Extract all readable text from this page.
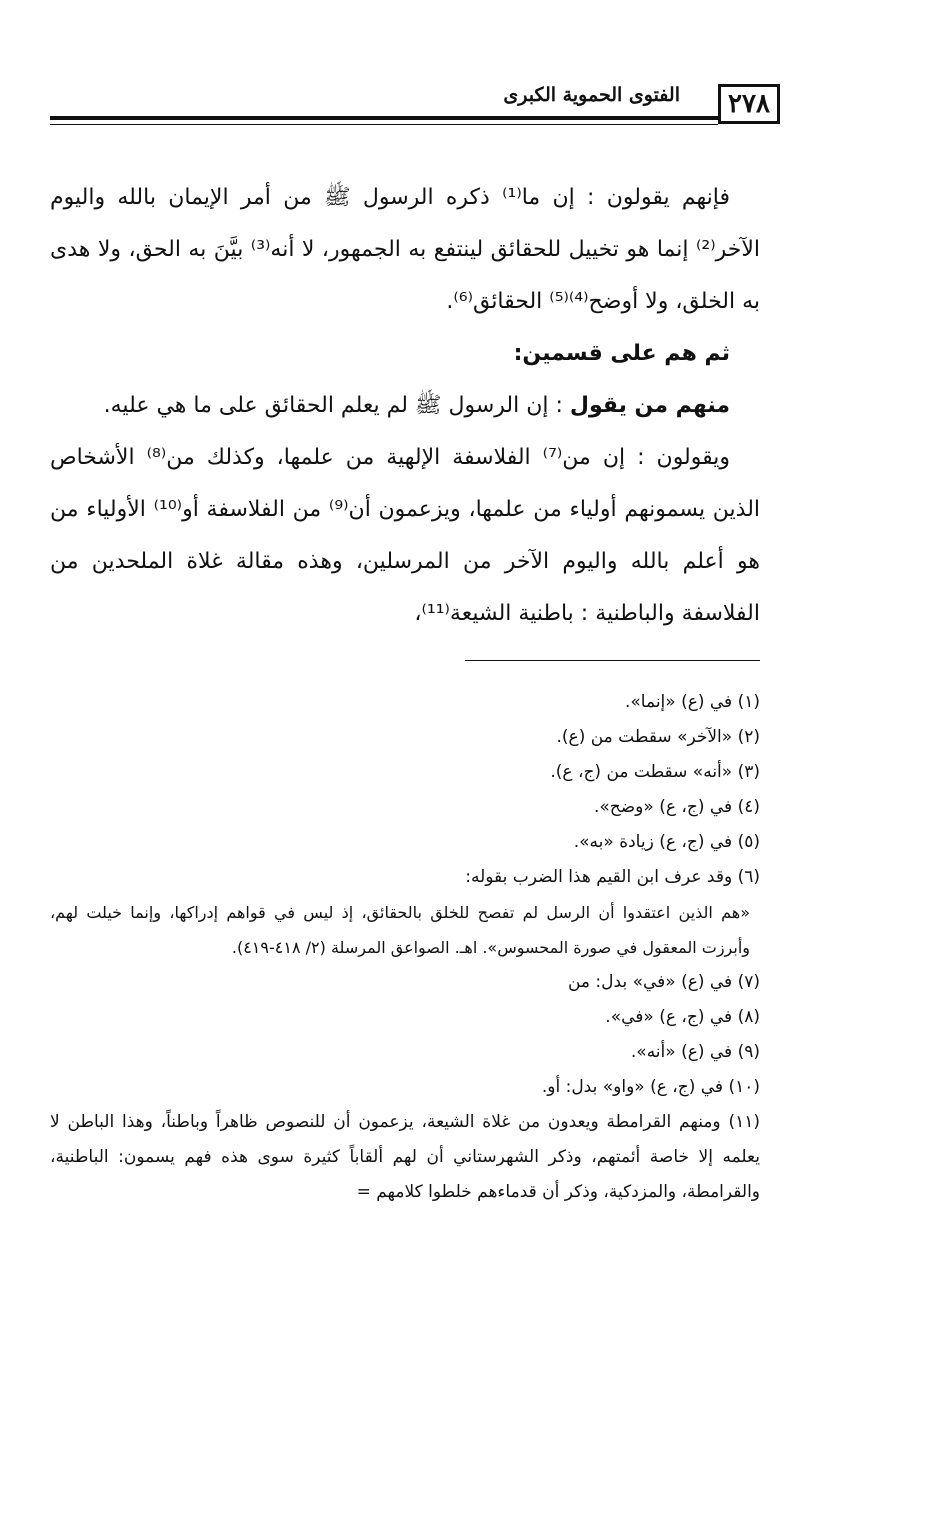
٢٧٨
الفتوى الحموية الكبرى

فإنهم يقولون : إن ما⁽¹⁾ ذكره الرسول ﷺ من أمر الإيمان بالله واليوم الآخر⁽²⁾ إنما هو تخييل للحقائق لينتفع به الجمهور، لا أنه⁽³⁾ بيَّنَ به الحق، ولا هدى به الخلق، ولا أوضح⁽⁴⁾⁽⁵⁾ الحقائق⁽⁶⁾.

ثم هم على قسمين:

منهم من يقول : إن الرسول ﷺ لم يعلم الحقائق على ما هي عليه.

ويقولون : إن من⁽⁷⁾ الفلاسفة الإلهية من علمها، وكذلك من⁽⁸⁾ الأشخاص الذين يسمونهم أولياء من علمها، ويزعمون أن⁽⁹⁾ من الفلاسفة أو⁽¹⁰⁾ الأولياء من هو أعلم بالله واليوم الآخر من المرسلين، وهذه مقالة غلاة الملحدين من الفلاسفة والباطنية : باطنية الشيعة⁽¹¹⁾،

(١) في (ع) «إنما».

(٢) «الآخر» سقطت من (ع).

(٣) «أنه» سقطت من (ج، ع).

(٤) في (ج، ع) «وضح».

(٥) في (ج، ع) زيادة «به».

(٦) وقد عرف ابن القيم هذا الضرب بقوله:

«هم الذين اعتقدوا أن الرسل لم تفصح للخلق بالحقائق، إذ ليس في قواهم إدراكها، وإنما خيلت لهم، وأبرزت المعقول في صورة المحسوس». اهـ. الصواعق المرسلة (٢/ ٤١٨-٤١٩).

(٧) في (ع) «في» بدل: من

(٨) في (ج، ع) «في».

(٩) في (ع) «أنه».

(١٠) في (ج، ع) «واو» بدل: أو.

(١١) ومنهم القرامطة ويعدون من غلاة الشيعة، يزعمون أن للنصوص ظاهراً وباطناً، وهذا الباطن لا يعلمه إلا خاصة أئمتهم، وذكر الشهرستاني أن لهم ألقاباً كثيرة سوى هذه فهم يسمون: الباطنية، والقرامطة، والمزدكية، وذكر أن قدماءهم خلطوا كلامهم =
